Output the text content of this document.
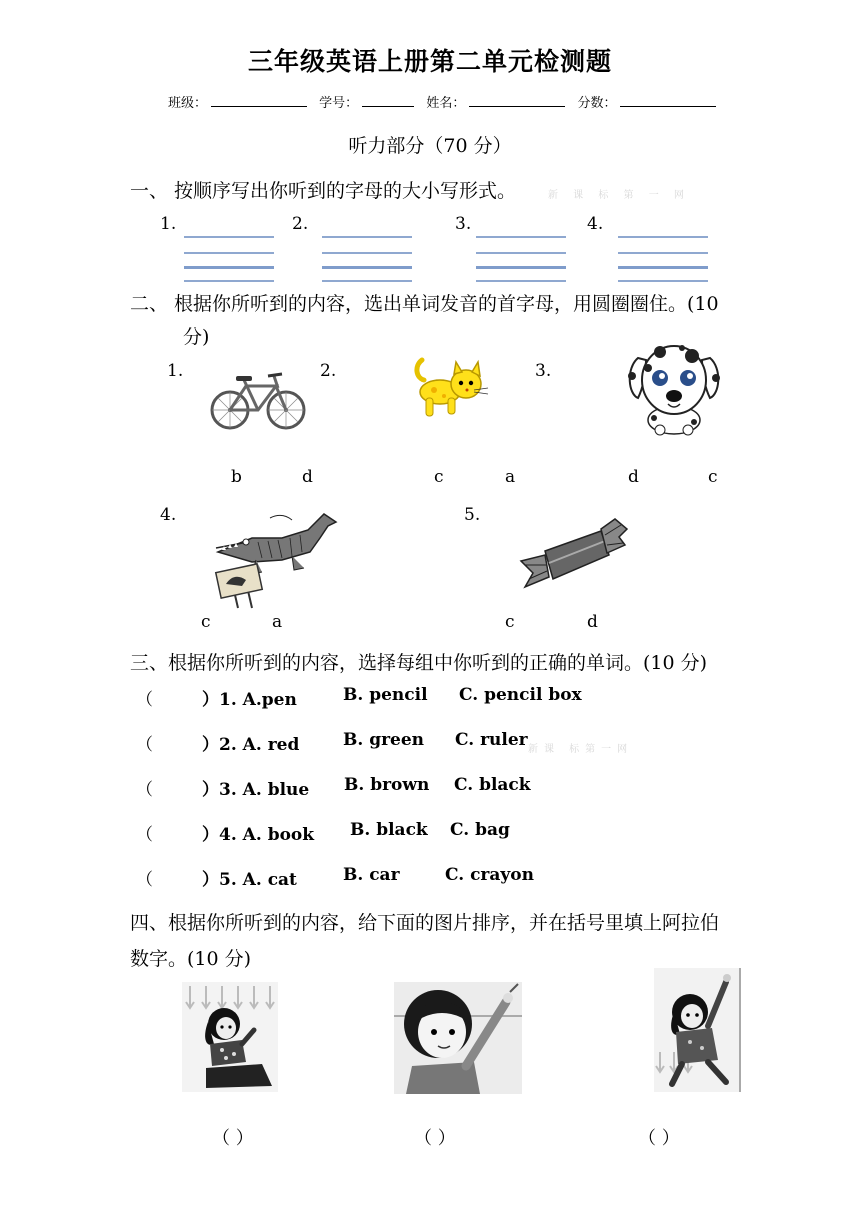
三年级英语上册第二单元检测题
班级：	学号：	姓名：	分数：
听力部分（70 分）
一、 按顺序写出你听到的字母的大小写形式。	新 课 标 第 一 网
1.	2.	3.	4.
二、 根据你所听到的内容，选出单词发音的首字母，用圆圈圈住。(10
分)
1.	2.	3.
b	d	c	a	d	c
4.	5.
c	a	c	d
三、根据你所听到的内容，选择每组中你听到的正确的单词。(10 分)
（	）1. A.pen	B. pencil C. pencil box
（	）2. A. red	B. green C. ruler 新课 标第一网
（	）3. A. blue B. brown C. black
（	）4. A. book B. black C. bag
（	）5. A. cat	B. car	C. crayon
四、根据你所听到的内容，给下面的图片排序，并在括号里填上阿拉伯
数字。(10 分)
（ ）	（ ）	（ ）
